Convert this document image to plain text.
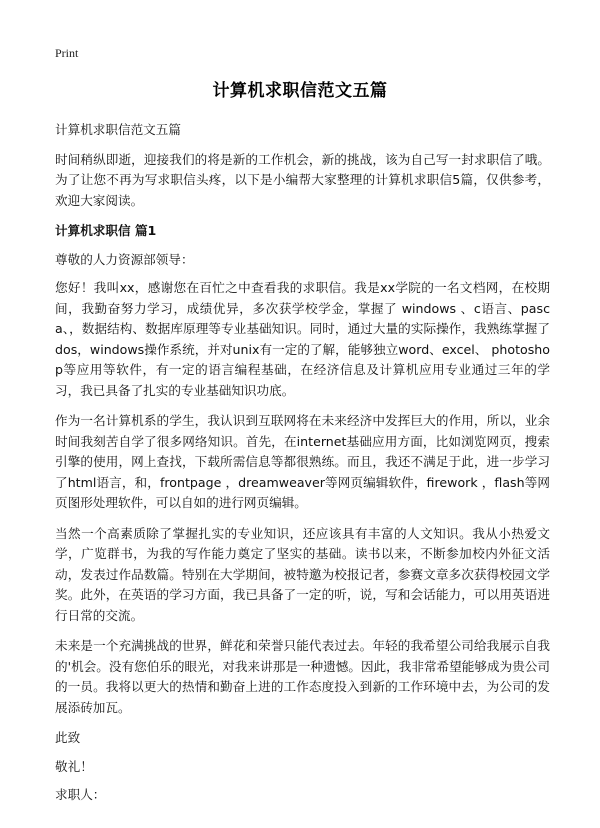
Print
计算机求职信范文五篇

计算机求职信范文五篇

时间稍纵即逝，迎接我们的将是新的工作机会，新的挑战，该为自己写一封求职信了哦。为了让您不再为写求职信头疼，以下是小编帮大家整理的计算机求职信5篇，仅供参考，欢迎大家阅读。

计算机求职信 篇1

尊敬的人力资源部领导：

您好！我叫xx，感谢您在百忙之中查看我的求职信。我是xx学院的一名文档网，在校期间，我勤奋努力学习，成绩优异，多次获学校学金，掌握了 windows 、c语言、pasca、，数据结构、数据库原理等专业基础知识。同时，通过大量的实际操作，我熟练掌握了dos，windows操作系统，并对unix有一定的了解，能够独立word、excel、 photoshop等应用等软件，有一定的语言编程基础，在经济信息及计算机应用专业通过三年的学习，我已具备了扎实的专业基础知识功底。

作为一名计算机系的学生，我认识到互联网将在未来经济中发挥巨大的作用，所以，业余时间我刻苦自学了很多网络知识。首先，在internet基础应用方面，比如浏览网页，搜索引擎的使用，网上查找，下载所需信息等都很熟练。而且，我还不满足于此，进一步学习了html语言，和，frontpage ，dreamweaver等网页编辑软件，firework ，flash等网页图形处理软件，可以自如的进行网页编辑。

当然一个高素质除了掌握扎实的专业知识，还应该具有丰富的人文知识。我从小热爱文学，广览群书，为我的写作能力奠定了坚实的基础。读书以来，不断参加校内外征文活动，发表过作品数篇。特别在大学期间，被特邀为校报记者，参赛文章多次获得校园文学奖。此外，在英语的学习方面，我已具备了一定的听，说，写和会话能力，可以用英语进行日常的交流。

未来是一个充满挑战的世界，鲜花和荣誉只能代表过去。年轻的我希望公司给我展示自我的'机会。没有您伯乐的眼光，对我来讲那是一种遗憾。因此，我非常希望能够成为贵公司的一员。我将以更大的热情和勤奋上进的工作态度投入到新的工作环境中去，为公司的发展添砖加瓦。

此致

敬礼！

求职人：
